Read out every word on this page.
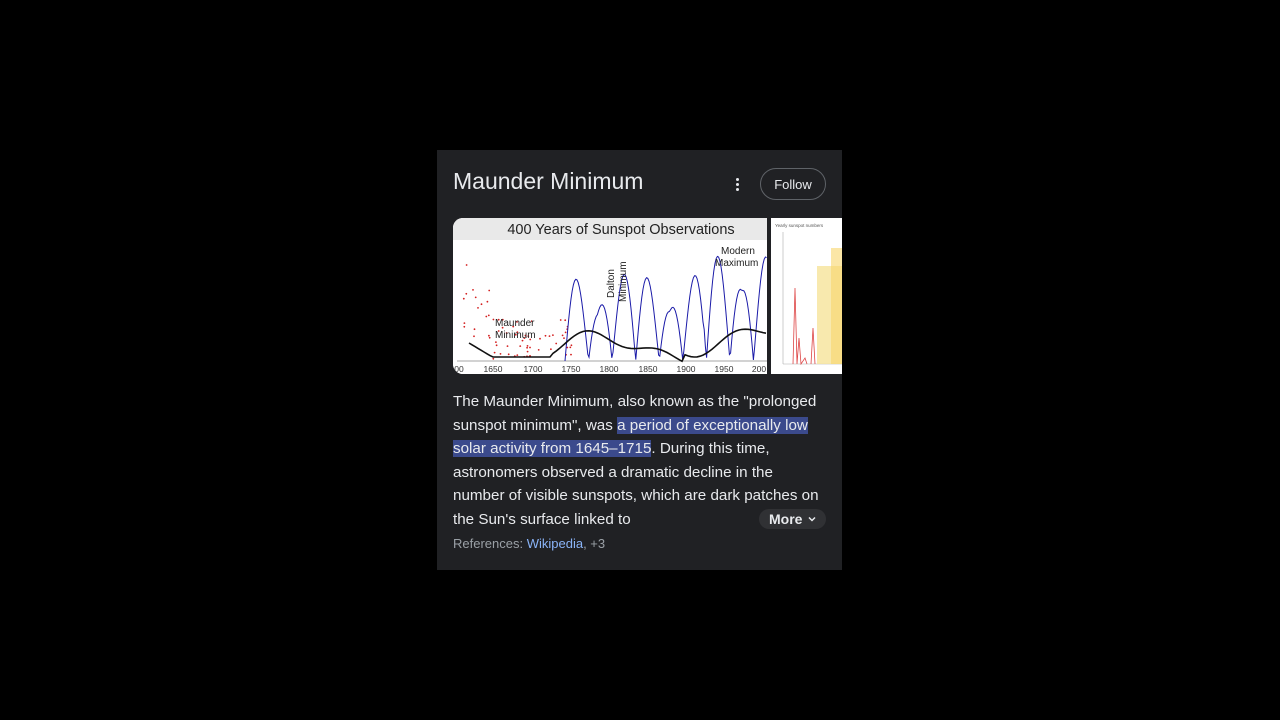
Maunder Minimum	Follow
400 Years of Sunspot Observations
00 1650 1700 1750 1800 1850 1900 1950 200
Maunder
Minimum
Dalton Minimum
Modern
Maximum
Yearly sunspot numbers
The Maunder Minimum, also known as the "prolonged sunspot minimum", was a period of exceptionally low solar activity from 1645–1715. During this time, astronomers observed a dramatic decline in the number of visible sunspots, which are dark patches on the Sun's surface linked to	More
References: Wikipedia, +3
